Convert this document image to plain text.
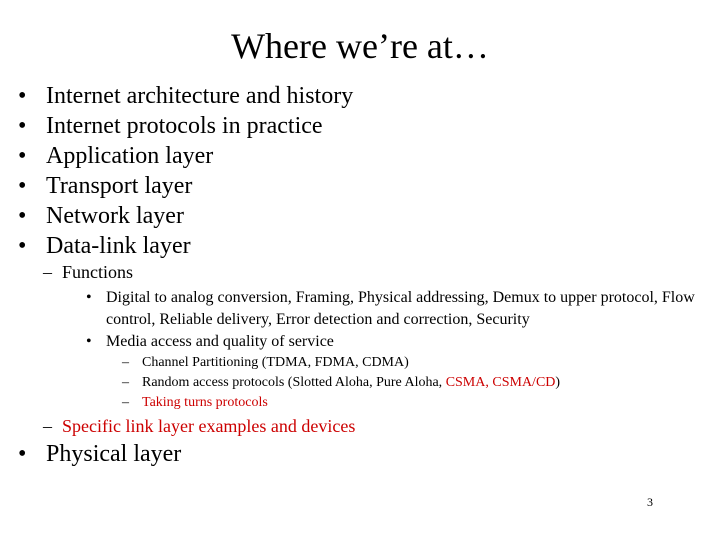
Where we’re at…
• Internet architecture and history
• Internet protocols in practice
• Application layer
• Transport layer
• Network layer
• Data-link layer
– Functions
• Digital to analog conversion, Framing, Physical addressing, Demux to upper protocol, Flow control, Reliable delivery, Error detection and correction, Security
• Media access and quality of service
– Channel Partitioning (TDMA, FDMA, CDMA)
– Random access protocols (Slotted Aloha, Pure Aloha, CSMA, CSMA/CD)
– Taking turns protocols
– Specific link layer examples and devices
• Physical layer
3
